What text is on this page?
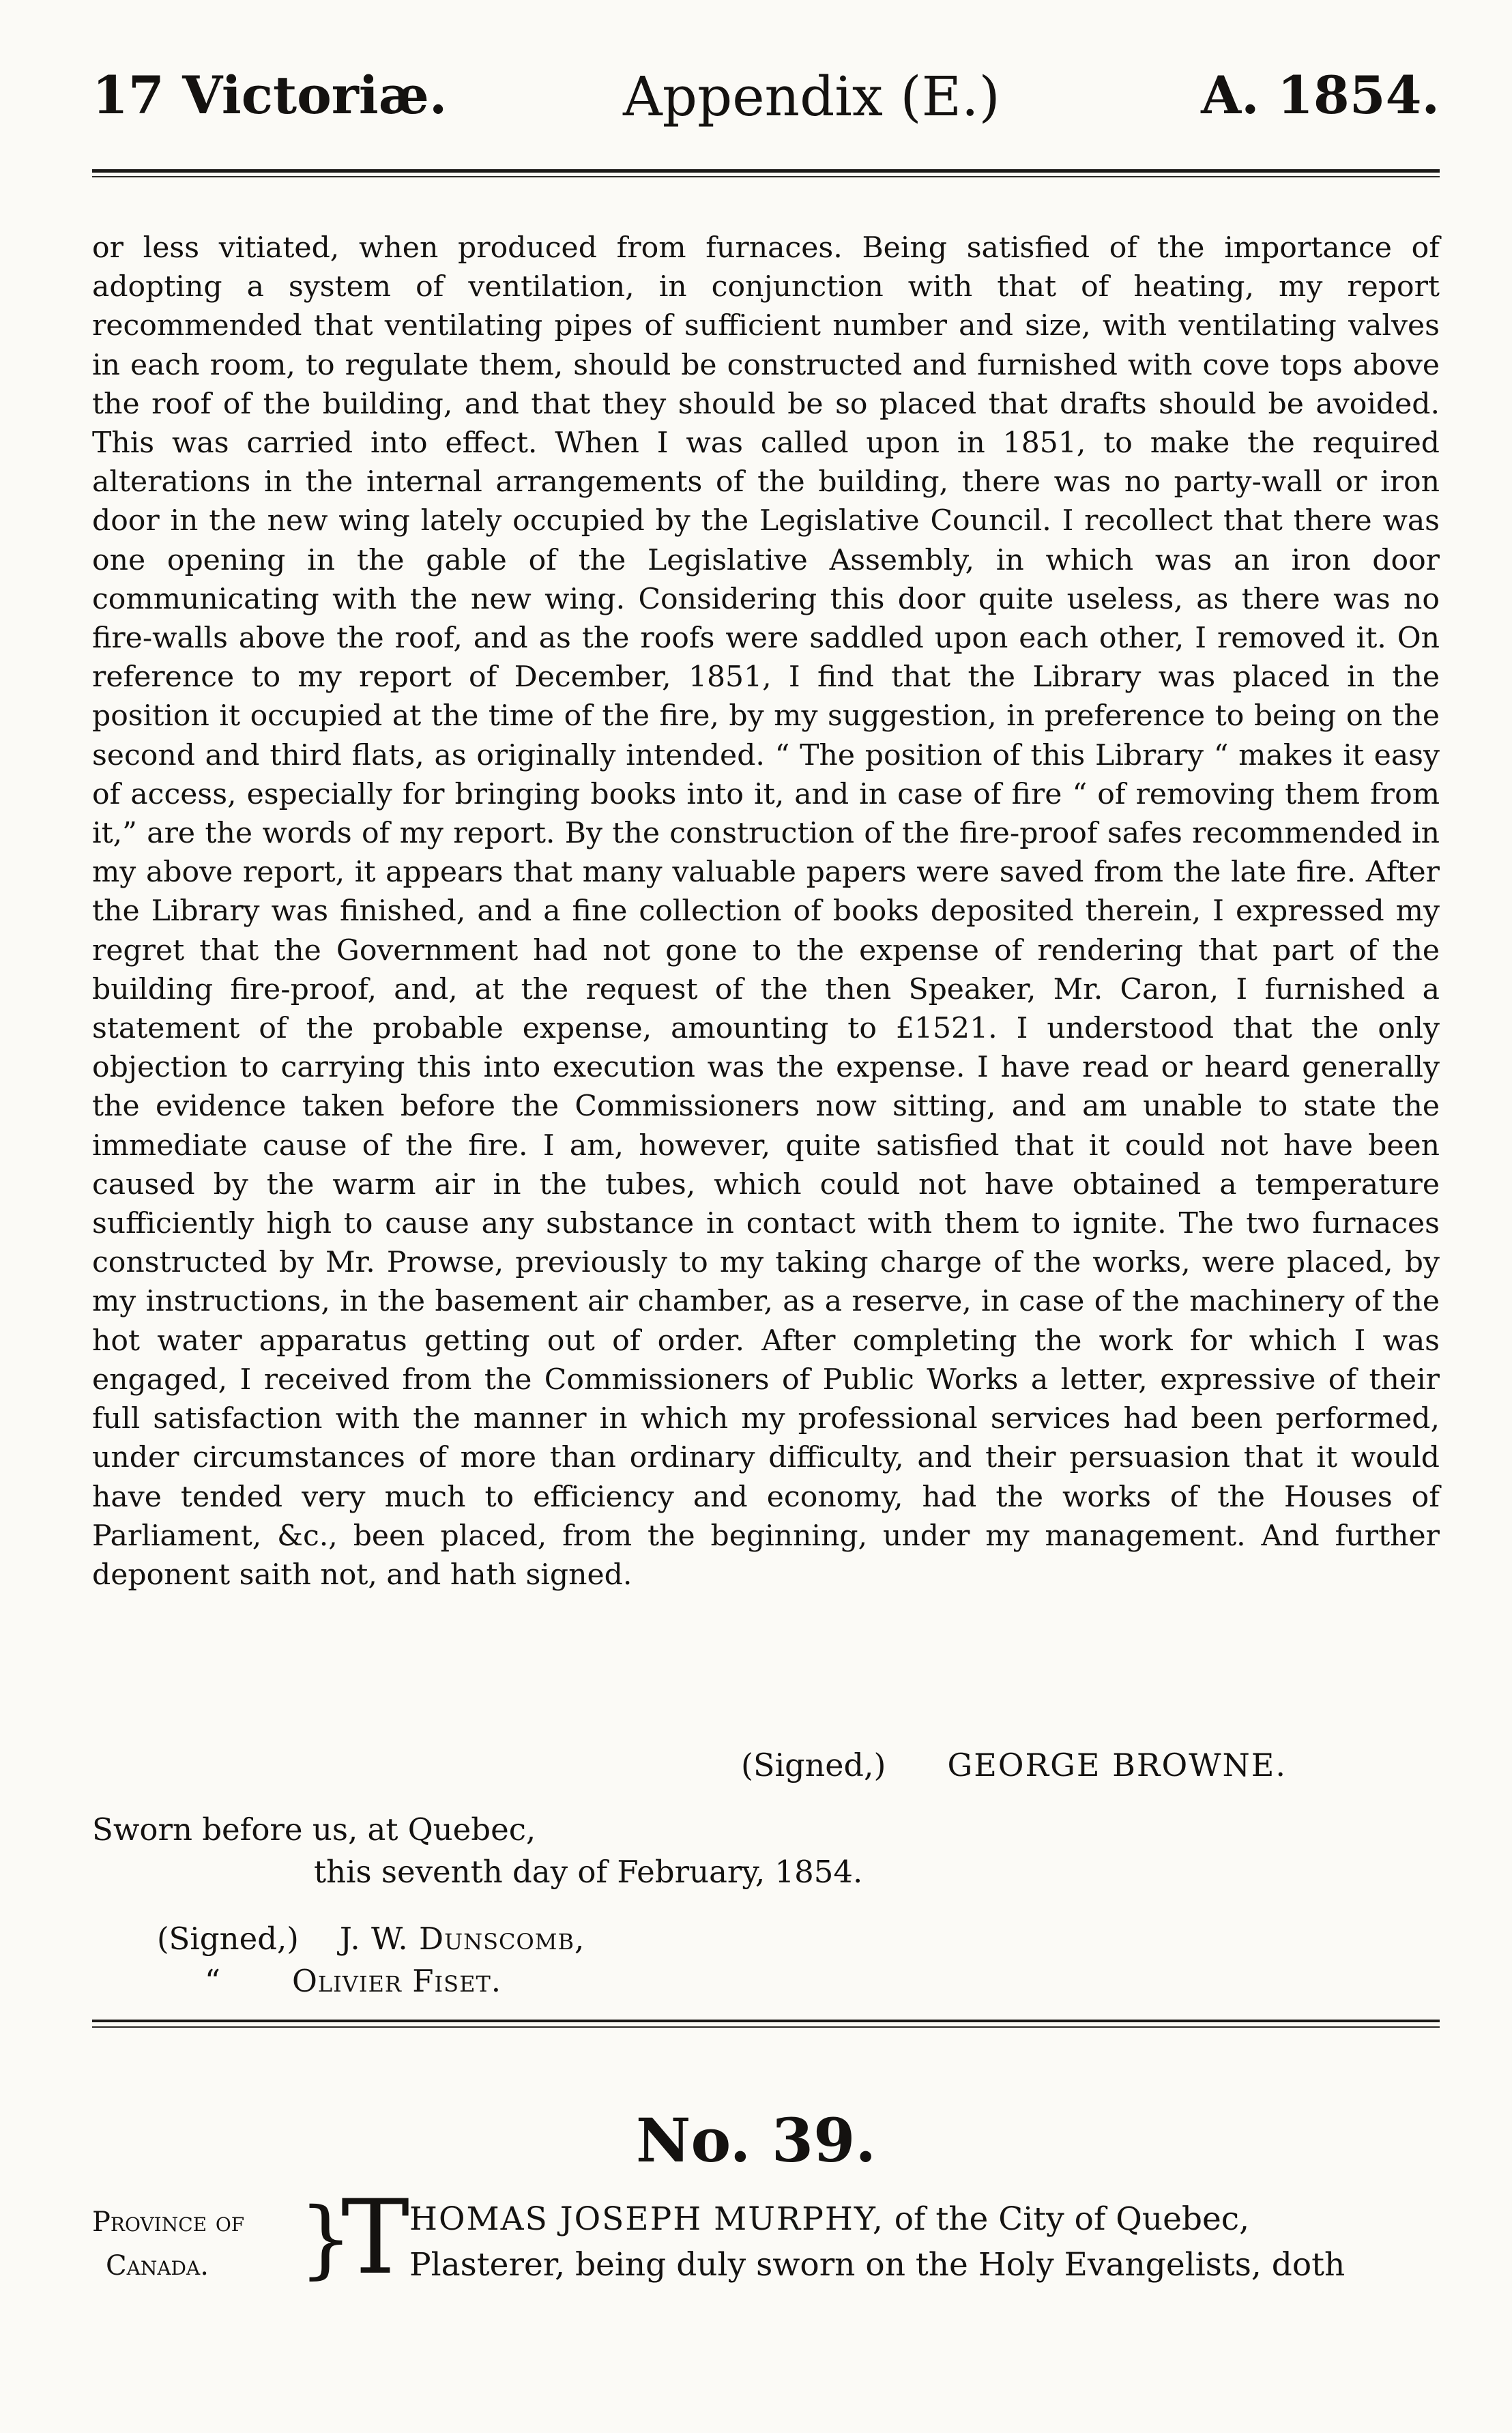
17 Victoriæ.	Appendix (E.)	A. 1854.
or less vitiated, when produced from furnaces. Being satisfied of the importance of adopting a system of ventilation, in conjunction with that of heating, my report recommended that ventilating pipes of sufficient number and size, with ventilating valves in each room, to regulate them, should be constructed and furnished with cove tops above the roof of the building, and that they should be so placed that drafts should be avoided. This was carried into effect. When I was called upon in 1851, to make the required alterations in the internal arrangements of the building, there was no party-wall or iron door in the new wing lately occupied by the Legislative Council. I recollect that there was one opening in the gable of the Legislative Assembly, in which was an iron door communicating with the new wing. Considering this door quite useless, as there was no fire-walls above the roof, and as the roofs were saddled upon each other, I removed it. On reference to my report of December, 1851, I find that the Library was placed in the position it occupied at the time of the fire, by my suggestion, in preference to being on the second and third flats, as originally intended. “ The position of this Library “ makes it easy of access, especially for bringing books into it, and in case of fire “ of removing them from it,” are the words of my report. By the construction of the fire-proof safes recommended in my above report, it appears that many valuable papers were saved from the late fire. After the Library was finished, and a fine collection of books deposited therein, I expressed my regret that the Government had not gone to the expense of rendering that part of the building fire-proof, and, at the request of the then Speaker, Mr. Caron, I furnished a statement of the probable expense, amounting to £1521. I understood that the only objection to carrying this into execution was the expense. I have read or heard generally the evidence taken before the Commissioners now sitting, and am unable to state the immediate cause of the fire. I am, however, quite satisfied that it could not have been caused by the warm air in the tubes, which could not have obtained a temperature sufficiently high to cause any substance in contact with them to ignite. The two furnaces constructed by Mr. Prowse, previously to my taking charge of the works, were placed, by my instructions, in the basement air chamber, as a reserve, in case of the machinery of the hot water apparatus getting out of order. After completing the work for which I was engaged, I received from the Commissioners of Public Works a letter, expressive of their full satisfaction with the manner in which my professional services had been performed, under circumstances of more than ordinary difficulty, and their persuasion that it would have tended very much to efficiency and economy, had the works of the Houses of Parliament, &c., been placed, from the beginning, under my management. And further deponent saith not, and hath signed.
(Signed,) GEORGE BROWNE.
Sworn before us, at Quebec,
this seventh day of February, 1854.
(Signed,) J. W. Dunscomb,
“ Olivier Fiset.
No. 39.
Province of
Canada.	}
T HOMAS JOSEPH MURPHY, of the City of Quebec,
Plasterer, being duly sworn on the Holy Evangelists, doth
